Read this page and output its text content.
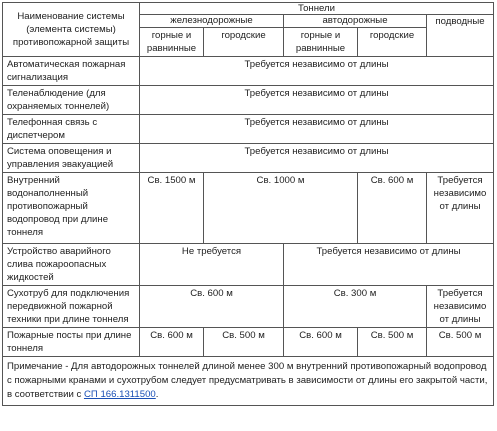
Наименование системы (элемента системы) противопожарной защиты	Тоннели				
	железнодорожные		автодорожные		подводные
	горные и равнинные	городские	горные и равнинные	городские	
Автоматическая пожарная сигнализация	Требуется независимо от длины				
Теленаблюдение (для охраняемых тоннелей)	Требуется независимо от длины				
Телефонная связь с диспетчером	Требуется независимо от длины				
Система оповещения и управления эвакуацией	Требуется независимо от длины				
Внутренний водонаполненный противопожарный водопровод при длине тоннеля	Св. 1500 м	Св. 1000 м		Св. 600 м	Требуется независимо от длины
Устройство аварийного слива пожароопасных жидкостей	Не требуется		Требуется независимо от длины		
Сухотруб для подключения передвижной пожарной техники при длине тоннеля	Св. 600 м		Св. 300 м		Требуется независимо от длины
Пожарные посты при длине тоннеля	Св. 600 м	Св. 500 м	Св. 600 м	Св. 500 м	Св. 500 м
Примечание - Для автодорожных тоннелей длиной менее 300 м внутренний противопожарный водопровод с пожарными кранами и сухотрубом следует предусматривать в зависимости от длины его закрытой части, в соответствии с СП 166.1311500.					
